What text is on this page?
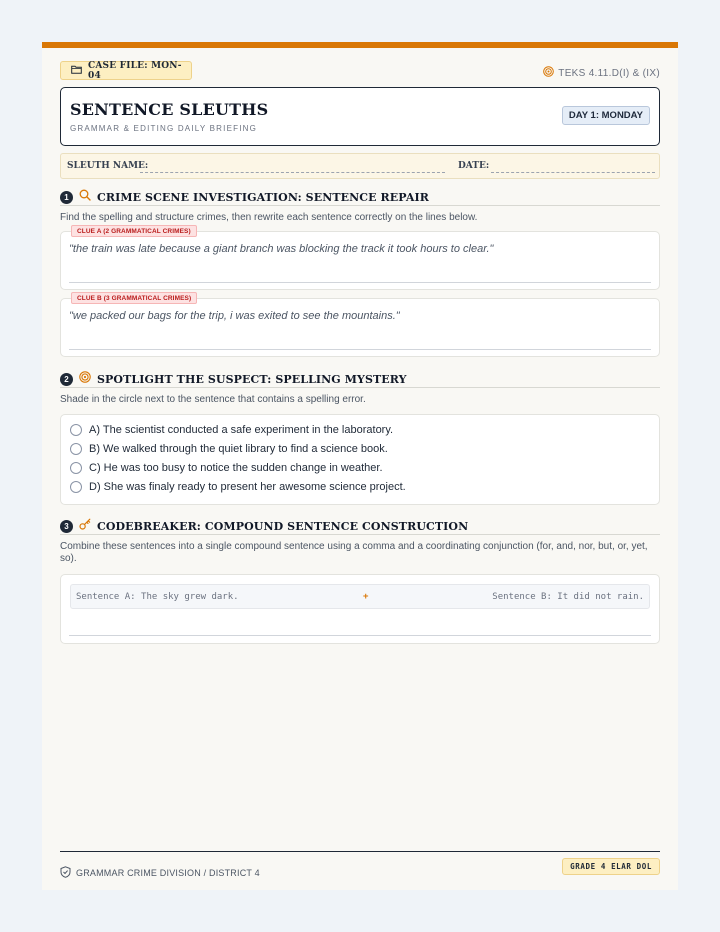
CASE FILE: MON-04	TEKS 4.11.D(I) & (IX)
SENTENCE SLEUTHS
GRAMMAR & EDITING DAILY BRIEFING
DAY 1: MONDAY
SLEUTH NAME:	DATE:
1	CRIME SCENE INVESTIGATION: SENTENCE REPAIR
Find the spelling and structure crimes, then rewrite each sentence correctly on the lines below.
CLUE A (2 GRAMMATICAL CRIMES)
"the train was late because a giant branch was blocking the track it took hours to clear."
CLUE B (3 GRAMMATICAL CRIMES)
"we packed our bags for the trip, i was exited to see the mountains."
2	SPOTLIGHT THE SUSPECT: SPELLING MYSTERY
Shade in the circle next to the sentence that contains a spelling error.
A) The scientist conducted a safe experiment in the laboratory.
B) We walked through the quiet library to find a science book.
C) He was too busy to notice the sudden change in weather.
D) She was finaly ready to present her awesome science project.
3	CODEBREAKER: COMPOUND SENTENCE CONSTRUCTION
Combine these sentences into a single compound sentence using a comma and a coordinating conjunction (for, and, nor, but, or, yet, so).
Sentence A: The sky grew dark.	+	Sentence B: It did not rain.
GRAMMAR CRIME DIVISION / DISTRICT 4
GRADE 4 ELAR DOL
